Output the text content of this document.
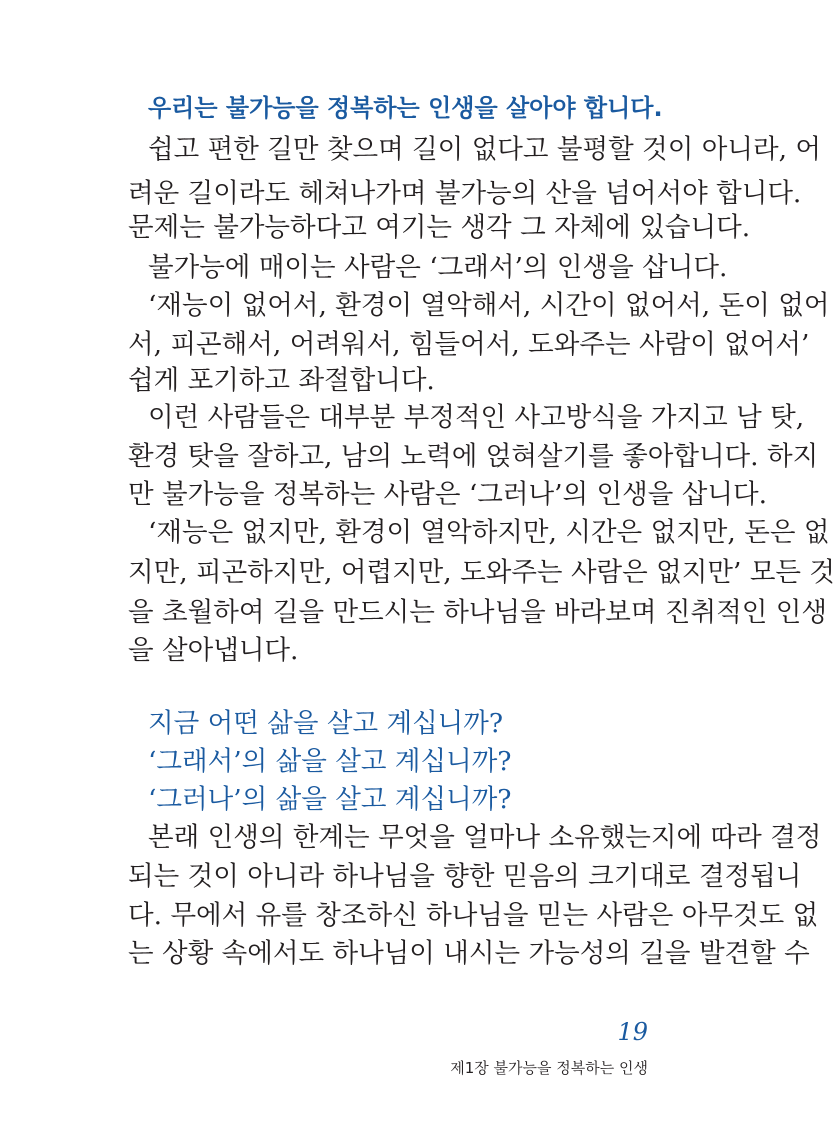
우리는 불가능을 정복하는 인생을 살아야 합니다.
쉽고 편한 길만 찾으며 길이 없다고 불평할 것이 아니라, 어
려운 길이라도 헤쳐나가며 불가능의 산을 넘어서야 합니다.
문제는 불가능하다고 여기는 생각 그 자체에 있습니다.
불가능에 매이는 사람은 ‘그래서’의 인생을 삽니다.
‘재능이 없어서, 환경이 열악해서, 시간이 없어서, 돈이 없어
서, 피곤해서, 어려워서, 힘들어서, 도와주는 사람이 없어서’
쉽게 포기하고 좌절합니다.
이런 사람들은 대부분 부정적인 사고방식을 가지고 남 탓,
환경 탓을 잘하고, 남의 노력에 얹혀살기를 좋아합니다. 하지
만 불가능을 정복하는 사람은 ‘그러나’의 인생을 삽니다.
‘재능은 없지만, 환경이 열악하지만, 시간은 없지만, 돈은 없
지만, 피곤하지만, 어렵지만, 도와주는 사람은 없지만’ 모든 것
을 초월하여 길을 만드시는 하나님을 바라보며 진취적인 인생
을 살아냅니다.
지금 어떤 삶을 살고 계십니까?
‘그래서’의 삶을 살고 계십니까?
‘그러나’의 삶을 살고 계십니까?
본래 인생의 한계는 무엇을 얼마나 소유했는지에 따라 결정
되는 것이 아니라 하나님을 향한 믿음의 크기대로 결정됩니
다. 무에서 유를 창조하신 하나님을 믿는 사람은 아무것도 없
는 상황 속에서도 하나님이 내시는 가능성의 길을 발견할 수
19
제1장 불가능을 정복하는 인생
